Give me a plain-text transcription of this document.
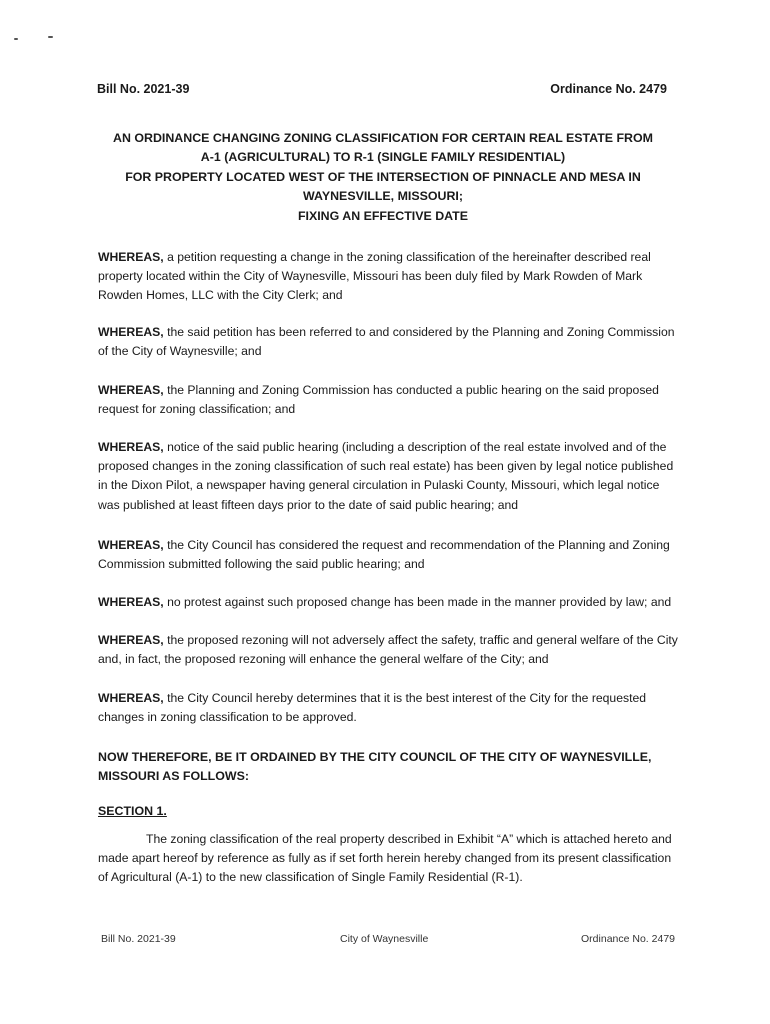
Bill No. 2021-39	Ordinance No. 2479
AN ORDINANCE CHANGING ZONING CLASSIFICATION FOR CERTAIN REAL ESTATE FROM
A-1 (AGRICULTURAL) TO R-1 (SINGLE FAMILY RESIDENTIAL)
FOR PROPERTY LOCATED WEST OF THE INTERSECTION OF PINNACLE AND MESA IN
WAYNESVILLE, MISSOURI;
FIXING AN EFFECTIVE DATE
WHEREAS, a petition requesting a change in the zoning classification of the hereinafter described real property located within the City of Waynesville, Missouri has been duly filed by Mark Rowden of Mark Rowden Homes, LLC with the City Clerk; and
WHEREAS, the said petition has been referred to and considered by the Planning and Zoning Commission of the City of Waynesville; and
WHEREAS, the Planning and Zoning Commission has conducted a public hearing on the said proposed request for zoning classification; and
WHEREAS, notice of the said public hearing (including a description of the real estate involved and of the proposed changes in the zoning classification of such real estate) has been given by legal notice published in the Dixon Pilot, a newspaper having general circulation in Pulaski County, Missouri, which legal notice was published at least fifteen days prior to the date of said public hearing; and
WHEREAS, the City Council has considered the request and recommendation of the Planning and Zoning Commission submitted following the said public hearing; and
WHEREAS, no protest against such proposed change has been made in the manner provided by law; and
WHEREAS, the proposed rezoning will not adversely affect the safety, traffic and general welfare of the City and, in fact, the proposed rezoning will enhance the general welfare of the City; and
WHEREAS, the City Council hereby determines that it is the best interest of the City for the requested changes in zoning classification to be approved.
NOW THEREFORE, BE IT ORDAINED BY THE CITY COUNCIL OF THE CITY OF WAYNESVILLE, MISSOURI AS FOLLOWS:
SECTION 1.
The zoning classification of the real property described in Exhibit “A” which is attached hereto and made apart hereof by reference as fully as if set forth herein hereby changed from its present classification of Agricultural (A-1) to the new classification of Single Family Residential (R-1).
Bill No. 2021-39	City of Waynesville	Ordinance No. 2479
